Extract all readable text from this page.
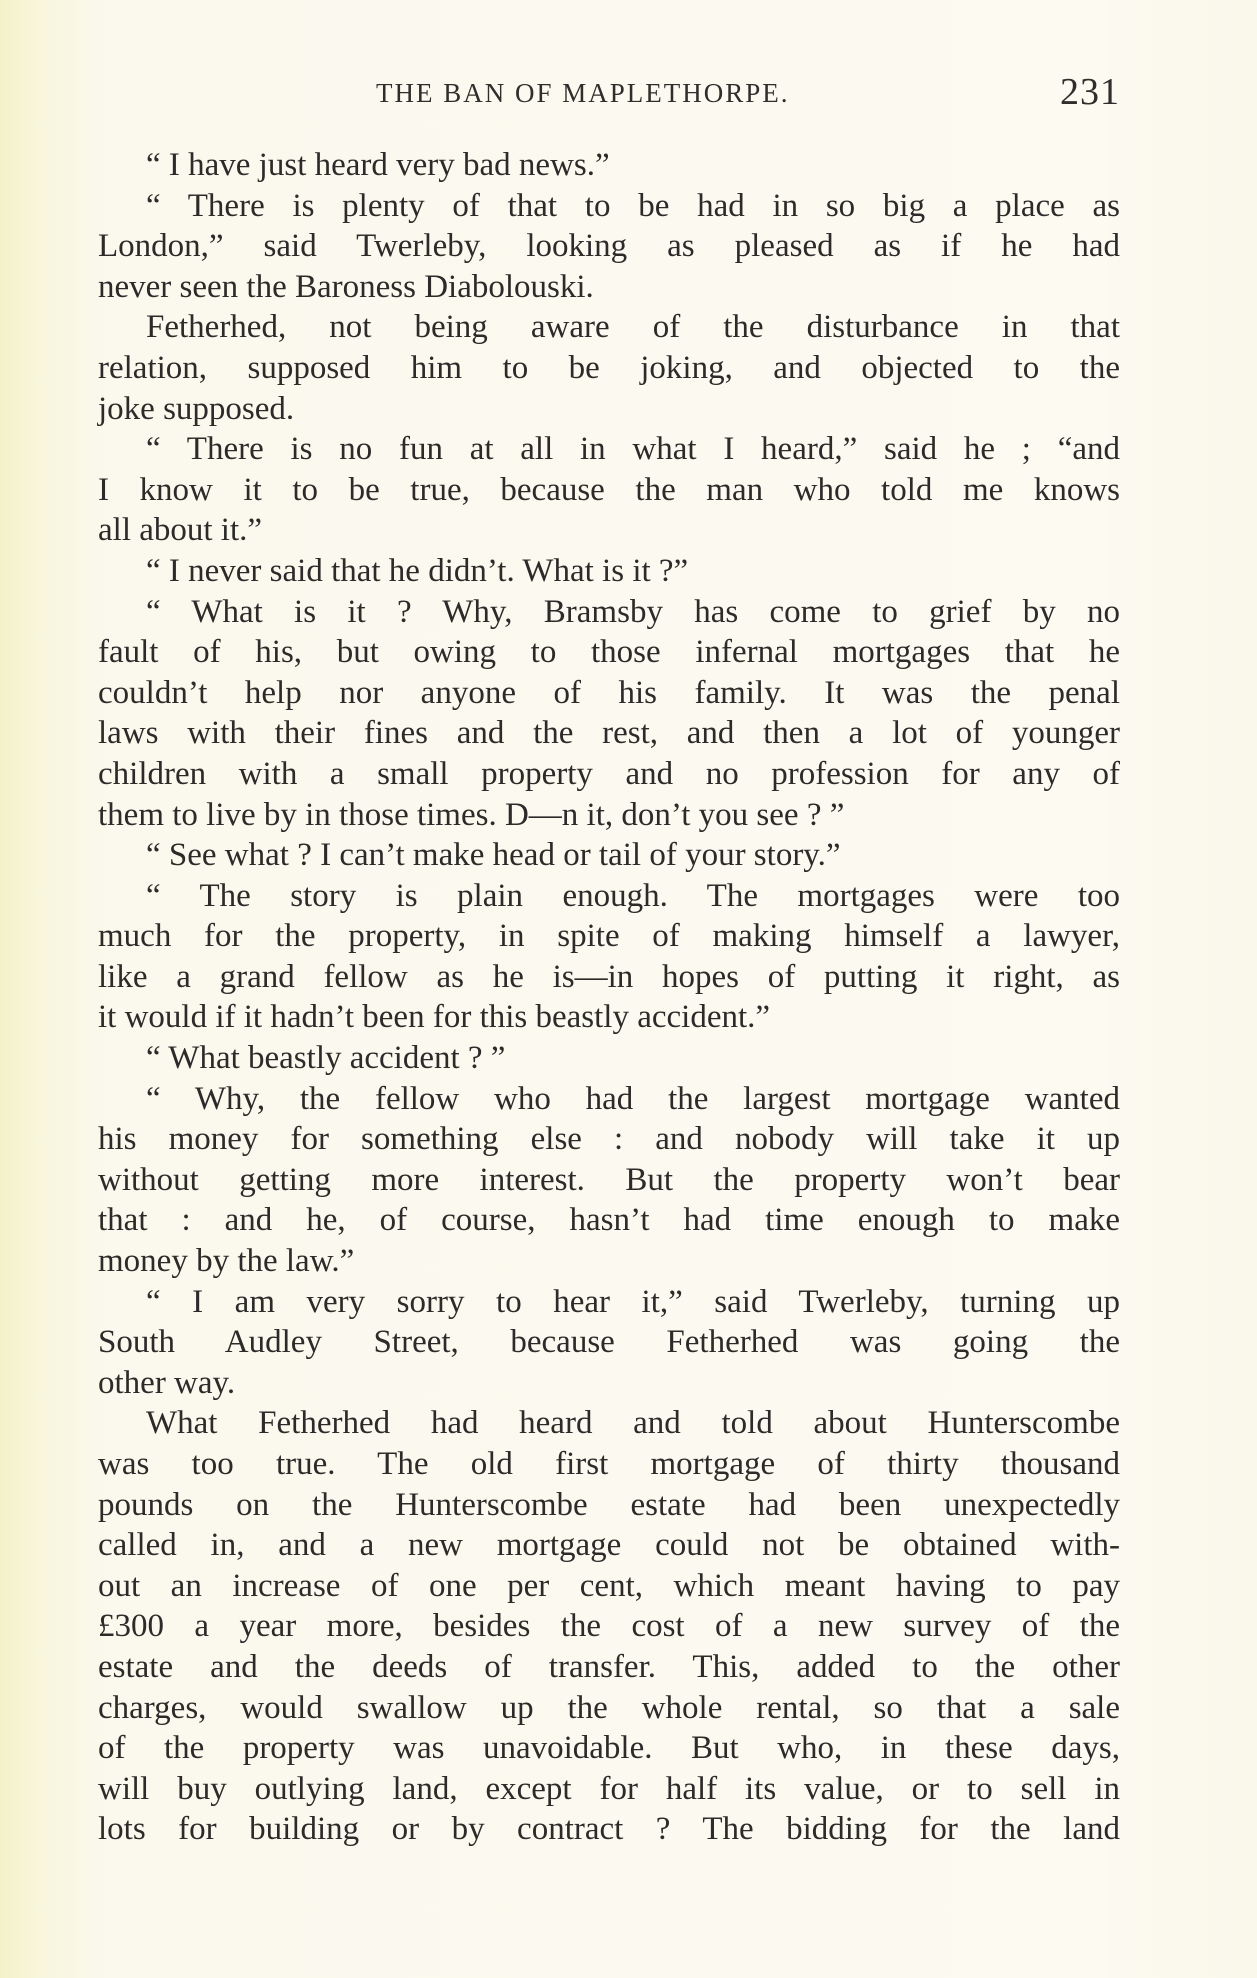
THE BAN OF MAPLETHORPE.	231
“ I have just heard very bad news.”
“ There is plenty of that to be had in so big a place as
London,” said Twerleby, looking as pleased as if he had
never seen the Baroness Diabolouski.
Fetherhed, not being aware of the disturbance in that
relation, supposed him to be joking, and objected to the
joke supposed.
“ There is no fun at all in what I heard,” said he ; “and
I know it to be true, because the man who told me knows
all about it.”
“ I never said that he didn’t. What is it ?”
“ What is it ? Why, Bramsby has come to grief by no
fault of his, but owing to those infernal mortgages that he
couldn’t help nor anyone of his family. It was the penal
laws with their fines and the rest, and then a lot of younger
children with a small property and no profession for any of
them to live by in those times. D—n it, don’t you see ? ”
“ See what ? I can’t make head or tail of your story.”
“ The story is plain enough. The mortgages were too
much for the property, in spite of making himself a lawyer,
like a grand fellow as he is—in hopes of putting it right, as
it would if it hadn’t been for this beastly accident.”
“ What beastly accident ? ”
“ Why, the fellow who had the largest mortgage wanted
his money for something else : and nobody will take it up
without getting more interest. But the property won’t bear
that : and he, of course, hasn’t had time enough to make
money by the law.”
“ I am very sorry to hear it,” said Twerleby, turning up
South Audley Street, because Fetherhed was going the
other way.
What Fetherhed had heard and told about Hunterscombe
was too true. The old first mortgage of thirty thousand
pounds on the Hunterscombe estate had been unexpectedly
called in, and a new mortgage could not be obtained with-
out an increase of one per cent, which meant having to pay
£300 a year more, besides the cost of a new survey of the
estate and the deeds of transfer. This, added to the other
charges, would swallow up the whole rental, so that a sale
of the property was unavoidable. But who, in these days,
will buy outlying land, except for half its value, or to sell in
lots for building or by contract ? The bidding for the land
